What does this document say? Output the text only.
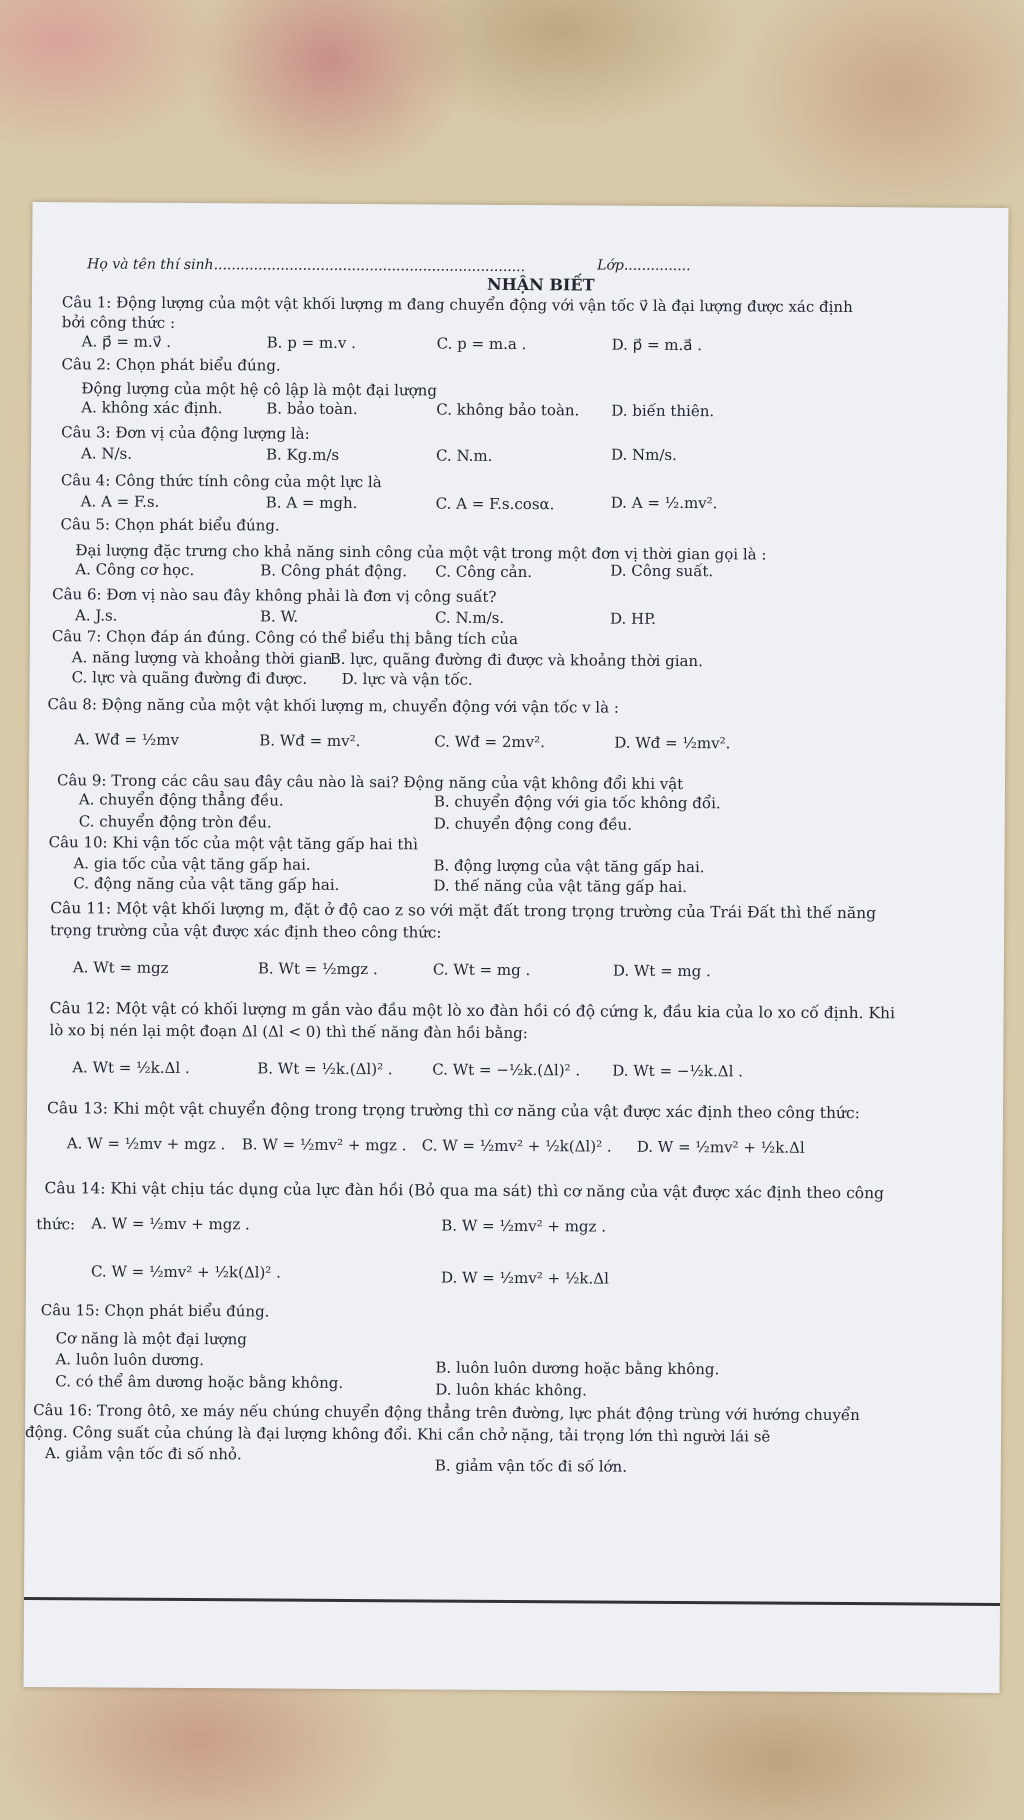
Họ và tên thí sinh......................................................................	Lớp...............
NHẬN BIẾT
Câu 1: Động lượng của một vật khối lượng m đang chuyển động với vận tốc v⃗ là đại lượng được xác định
bởi công thức :
A. p⃗ = m.v⃗ .	B. p = m.v .	C. p = m.a .	D. p⃗ = m.a⃗ .
Câu 2: Chọn phát biểu đúng.
Động lượng của một hệ cô lập là một đại lượng
A. không xác định.	B. bảo toàn.	C. không bảo toàn. D. biến thiên.
Câu 3: Đơn vị của động lượng là:
A. N/s.	B. Kg.m/s	C. N.m.	D. Nm/s.
Câu 4: Công thức tính công của một lực là
A. A = F.s.	B. A = mgh.	C. A = F.s.cosα.	D. A = ½.mv².
Câu 5: Chọn phát biểu đúng.
Đại lượng đặc trưng cho khả năng sinh công của một vật trong một đơn vị thời gian gọi là :
A. Công cơ học.	B. Công phát động. C. Công cản.	D. Công suất.
Câu 6: Đơn vị nào sau đây không phải là đơn vị công suất?
A. J.s.	B. W.	C. N.m/s.	D. HP.
Câu 7: Chọn đáp án đúng. Công có thể biểu thị bằng tích của
A. năng lượng và khoảng thời gian.
B. lực, quãng đường đi được và khoảng thời gian.
C. lực và quãng đường đi được. D. lực và vận tốc.
Câu 8: Động năng của một vật khối lượng m, chuyển động với vận tốc v là :
A. Wđ = ½mv	B. Wđ = mv².	C. Wđ = 2mv².	D. Wđ = ½mv².
Câu 9: Trong các câu sau đây câu nào là sai? Động năng của vật không đổi khi vật
A. chuyển động thẳng đều.	B. chuyển động với gia tốc không đổi.
C. chuyển động tròn đều.	D. chuyển động cong đều.
Câu 10: Khi vận tốc của một vật tăng gấp hai thì
A. gia tốc của vật tăng gấp hai.	B. động lượng của vật tăng gấp hai.
C. động năng của vật tăng gấp hai.	D. thế năng của vật tăng gấp hai.
Câu 11: Một vật khối lượng m, đặt ở độ cao z so với mặt đất trong trọng trường của Trái Đất thì thế năng
trọng trường của vật được xác định theo công thức:
A. Wt = mgz	B. Wt = ½mgz .	C. Wt = mg .	D. Wt = mg .
Câu 12: Một vật có khối lượng m gắn vào đầu một lò xo đàn hồi có độ cứng k, đầu kia của lo xo cố định. Khi
lò xo bị nén lại một đoạn Δl (Δl < 0) thì thế năng đàn hồi bằng:
A. Wt = ½k.Δl .	B. Wt = ½k.(Δl)² .	C. Wt = −½k.(Δl)² . D. Wt = −½k.Δl .
Câu 13: Khi một vật chuyển động trong trọng trường thì cơ năng của vật được xác định theo công thức:
A. W = ½mv + mgz . B. W = ½mv² + mgz . C. W = ½mv² + ½k(Δl)² . D. W = ½mv² + ½k.Δl
Câu 14: Khi vật chịu tác dụng của lực đàn hồi (Bỏ qua ma sát) thì cơ năng của vật được xác định theo công
thức: A. W = ½mv + mgz .	B. W = ½mv² + mgz .
C. W = ½mv² + ½k(Δl)² .	D. W = ½mv² + ½k.Δl
Câu 15: Chọn phát biểu đúng.
Cơ năng là một đại lượng
A. luôn luôn dương.	B. luôn luôn dương hoặc bằng không.
C. có thể âm dương hoặc bằng không.	D. luôn khác không.
Câu 16: Trong ôtô, xe máy nếu chúng chuyển động thẳng trên đường, lực phát động trùng với hướng chuyển
động. Công suất của chúng là đại lượng không đổi. Khi cần chở nặng, tải trọng lớn thì người lái sẽ
A. giảm vận tốc đi số nhỏ.
B. giảm vận tốc đi số lớn.
